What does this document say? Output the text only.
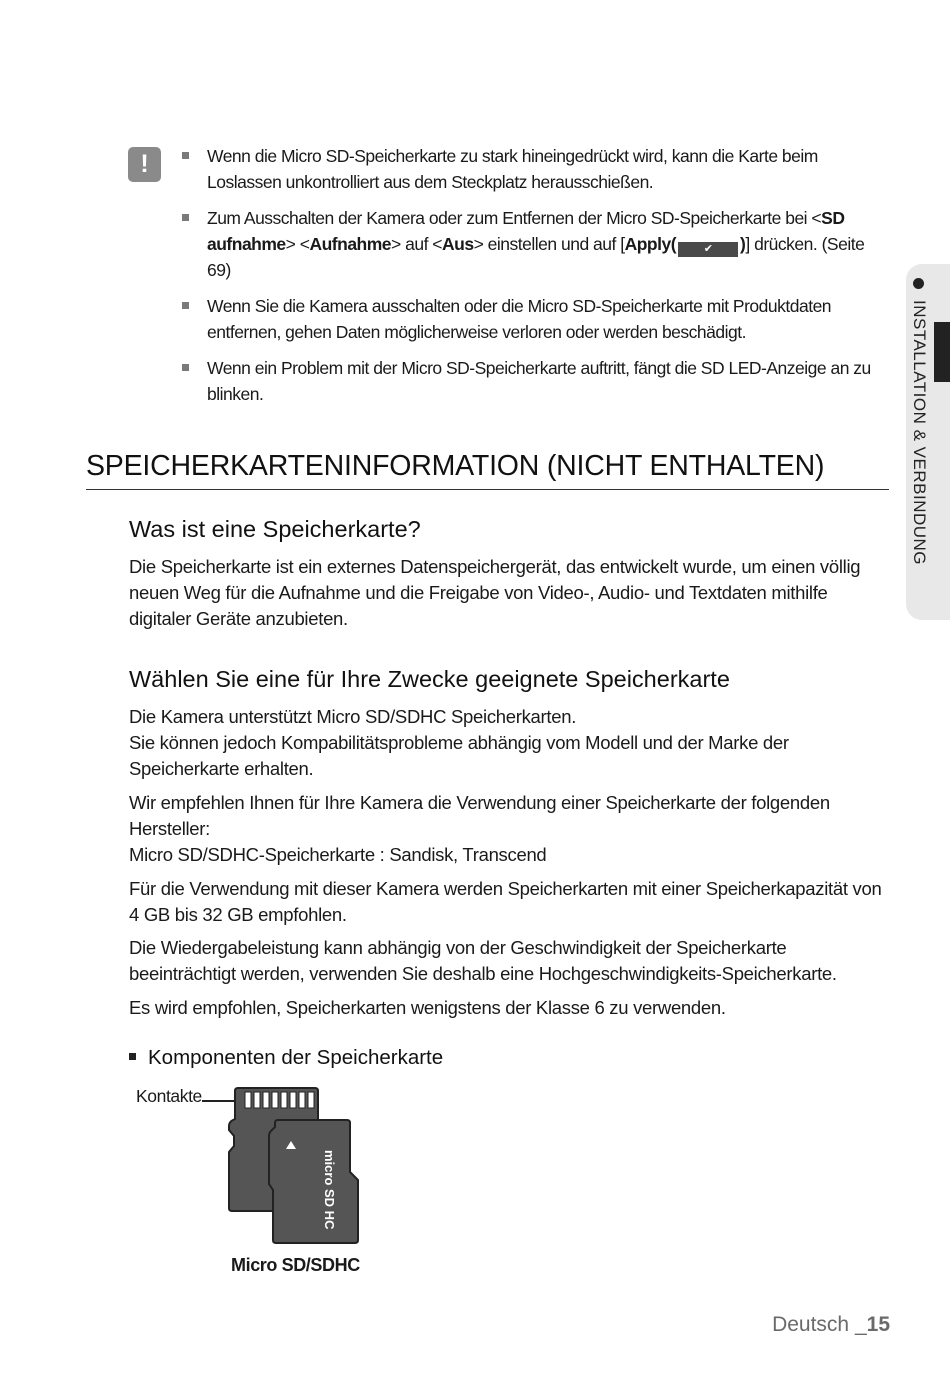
!	Wenn die Micro SD-Speicherkarte zu stark hineingedrückt wird, kann die Karte beim Loslassen unkontrolliert aus dem Steckplatz herausschießen.
Zum Ausschalten der Kamera oder zum Entfernen der Micro SD-Speicherkarte bei <SD aufnahme> <Aufnahme> auf <Aus> einstellen und auf [Apply(	✔ )] drücken. (Seite 69)
Wenn Sie die Kamera ausschalten oder die Micro SD-Speicherkarte mit Produktdaten entfernen, gehen Daten möglicherweise verloren oder werden beschädigt.
Wenn ein Problem mit der Micro SD-Speicherkarte auftritt, fängt die SD LED-Anzeige an zu blinken.	INSTALLATION & VERBINDUNG
SPEICHERKARTENINFORMATION (NICHT ENTHALTEN)
Was ist eine Speicherkarte?

Die Speicherkarte ist ein externes Datenspeichergerät, das entwickelt wurde, um einen völlig neuen Weg für die Aufnahme und die Freigabe von Video-, Audio- und Textdaten mithilfe digitaler Geräte anzubieten.

Wählen Sie eine für Ihre Zwecke geeignete Speicherkarte

Die Kamera unterstützt Micro SD/SDHC Speicherkarten.

Sie können jedoch Kompabilitätsprobleme abhängig vom Modell und der Marke der Speicherkarte erhalten.

Wir empfehlen Ihnen für Ihre Kamera die Verwendung einer Speicherkarte der folgenden Hersteller:

Micro SD/SDHC-Speicherkarte : Sandisk, Transcend

Für die Verwendung mit dieser Kamera werden Speicherkarten mit einer Speicherkapazität von 4 GB bis 32 GB empfohlen.

Die Wiedergabeleistung kann abhängig von der Geschwindigkeit der Speicherkarte beeinträchtigt werden, verwenden Sie deshalb eine Hochgeschwindigkeits-Speicherkarte.

Es wird empfohlen, Speicherkarten wenigstens der Klasse 6 zu verwenden.

Komponenten der Speicherkarte
Kontakte
micro SD HC
Micro SD/SDHC
Deutsch _15
